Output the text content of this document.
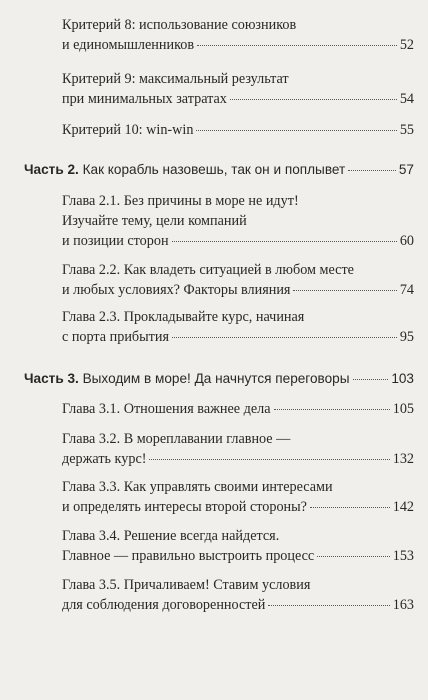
Критерий 8: использование союзников
и единомышленников	52
Критерий 9: максимальный результат
при минимальных затратах	54
Критерий 10: win-win	55
Часть 2. Как корабль назовешь, так он и поплывет	57
Глава 2.1. Без причины в море не идут!
Изучайте тему, цели компаний
и позиции сторон	60
Глава 2.2. Как владеть ситуацией в любом месте
и любых условиях? Факторы влияния	74
Глава 2.3. Прокладывайте курс, начиная
с порта прибытия	95
Часть 3. Выходим в море! Да начнутся переговоры	103
Глава 3.1. Отношения важнее дела	105
Глава 3.2. В мореплавании главное —
держать курс!	132
Глава 3.3. Как управлять своими интересами
и определять интересы второй стороны?	142
Глава 3.4. Решение всегда найдется.
Главное — правильно выстроить процесс	153
Глава 3.5. Причаливаем! Ставим условия
для соблюдения договоренностей	163
